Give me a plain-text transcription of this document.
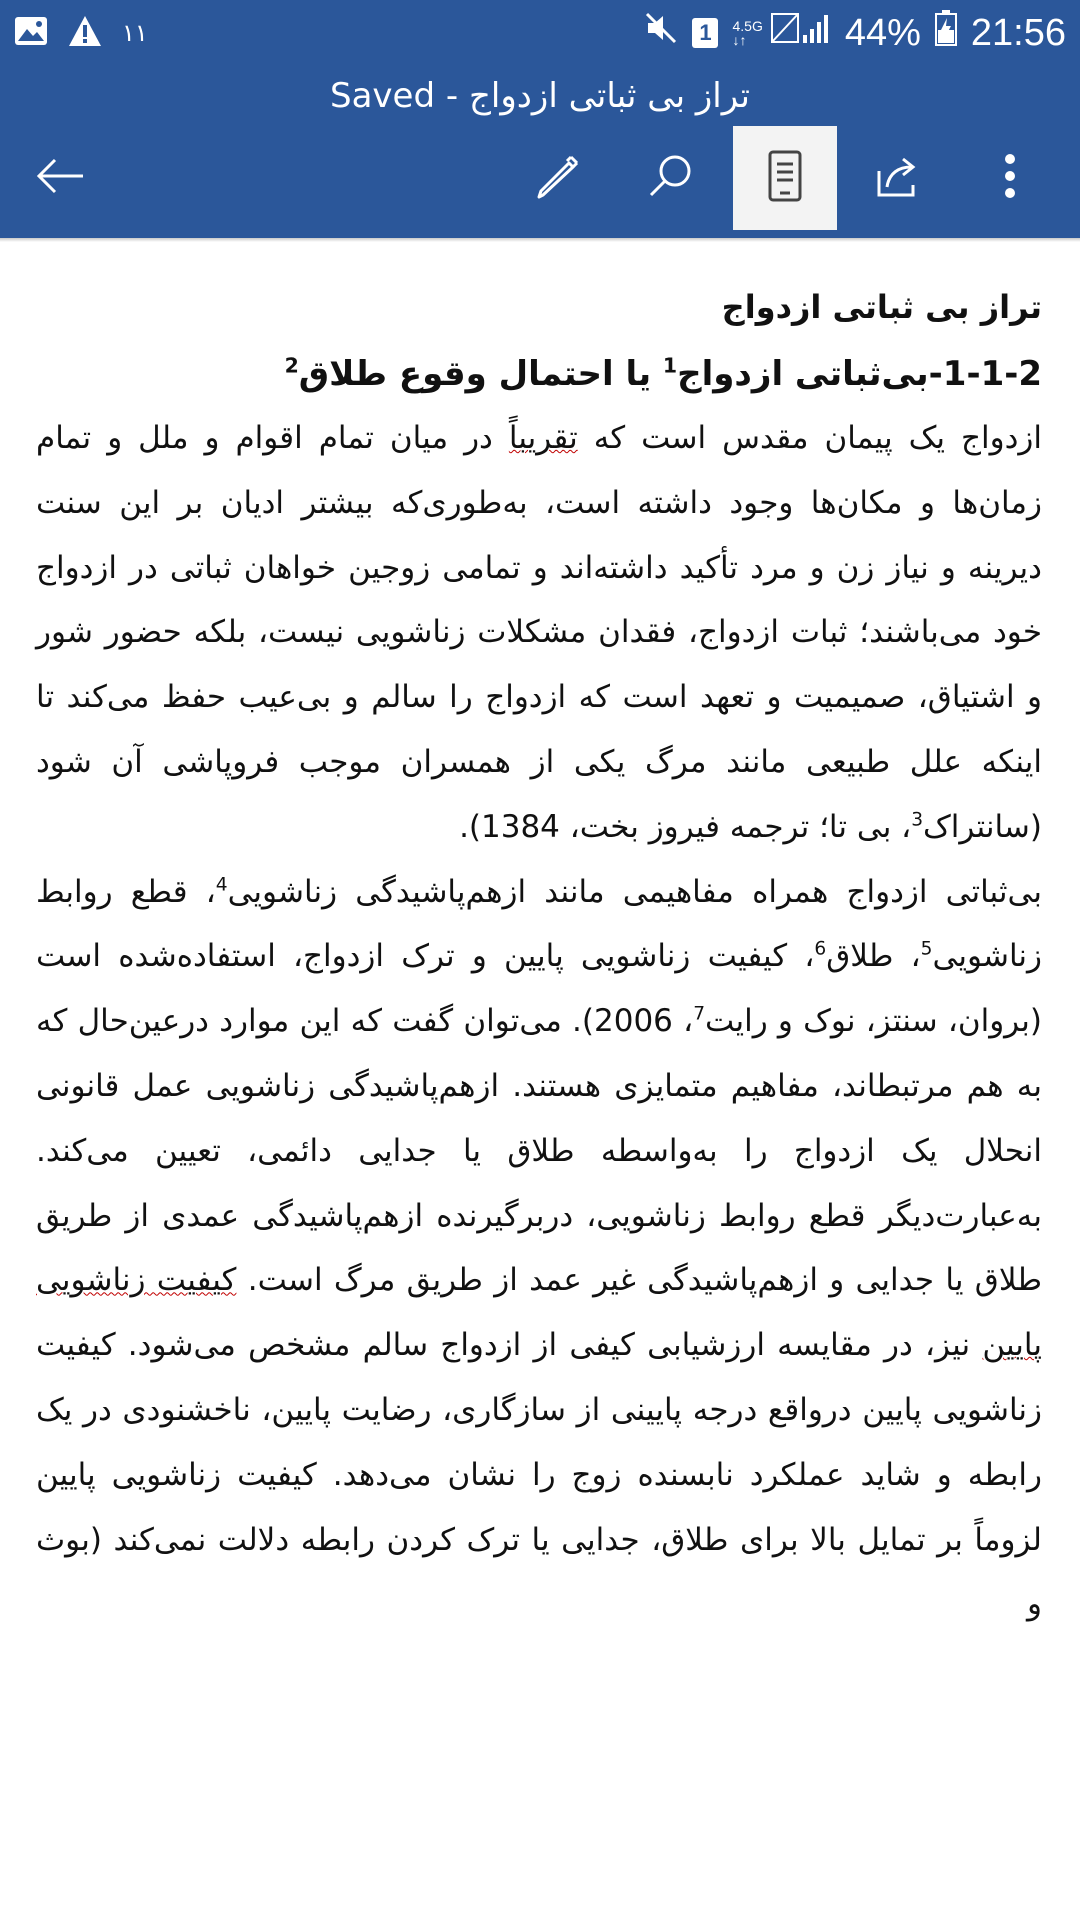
۱۱	1	4.5G
↓↑	44% 21:56
تراز بی ثباتی ازدواج - Saved
تراز بی ثباتی ازدواج
1-1-2-بی‌ثباتی ازدواج$^1$ یا احتمال وقوع طلاق$^2$

ازدواج یک پیمان مقدس است که تقریباً در میان تمام اقوام و ملل و تمام زمان‌ها و مکان‌ها وجود داشته است، به‌طوری‌که بیشتر ادیان بر این سنت دیرینه و نیاز زن و مرد تأکید داشته‌اند و تمامی زوجین خواهان ثباتی در ازدواج خود می‌باشند؛ ثبات ازدواج، فقدان مشکلات زناشویی نیست، بلکه حضور شور و اشتیاق، صمیمیت و تعهد است که ازدواج را سالم و بی‌عیب حفظ می‌کند تا اینکه علل طبیعی مانند مرگ یکی از همسران موجب فروپاشی آن شود (سانتراک$^3$، بی تا؛ ترجمه فیروز بخت، 1384).

بی‌ثباتی ازدواج همراه مفاهیمی مانند ازهم‌پاشیدگی زناشویی$^4$، قطع روابط زناشویی$^5$، طلاق$^6$، کیفیت زناشویی پایین و ترک ازدواج، استفاده‌شده است (بروان، سنتز، نوک و رایت$^7$، 2006). می‌توان گفت که این موارد درعین‌حال که به هم مرتبطاند، مفاهیم متمایزی هستند. ازهم‌پاشیدگی زناشویی عمل قانونی انحلال یک ازدواج را به‌واسطه طلاق یا جدایی دائمی، تعیین می‌کند. به‌عبارت‌دیگر قطع روابط زناشویی، دربرگیرنده ازهم‌پاشیدگی عمدی از طریق طلاق یا جدایی و ازهم‌پاشیدگی غیر عمد از طریق مرگ است. کیفیت زناشویی پایین نیز، در مقایسه ارزشیابی کیفی از ازدواج سالم مشخص می‌شود. کیفیت زناشویی پایین درواقع درجه پایینی از سازگاری، رضایت پایین، ناخشنودی در یک رابطه و شاید عملکرد نابسنده زوج را نشان می‌دهد. کیفیت زناشویی پایین لزوماً بر تمایل بالا برای طلاق، جدایی یا ترک کردن رابطه دلالت نمی‌کند (بوث و
